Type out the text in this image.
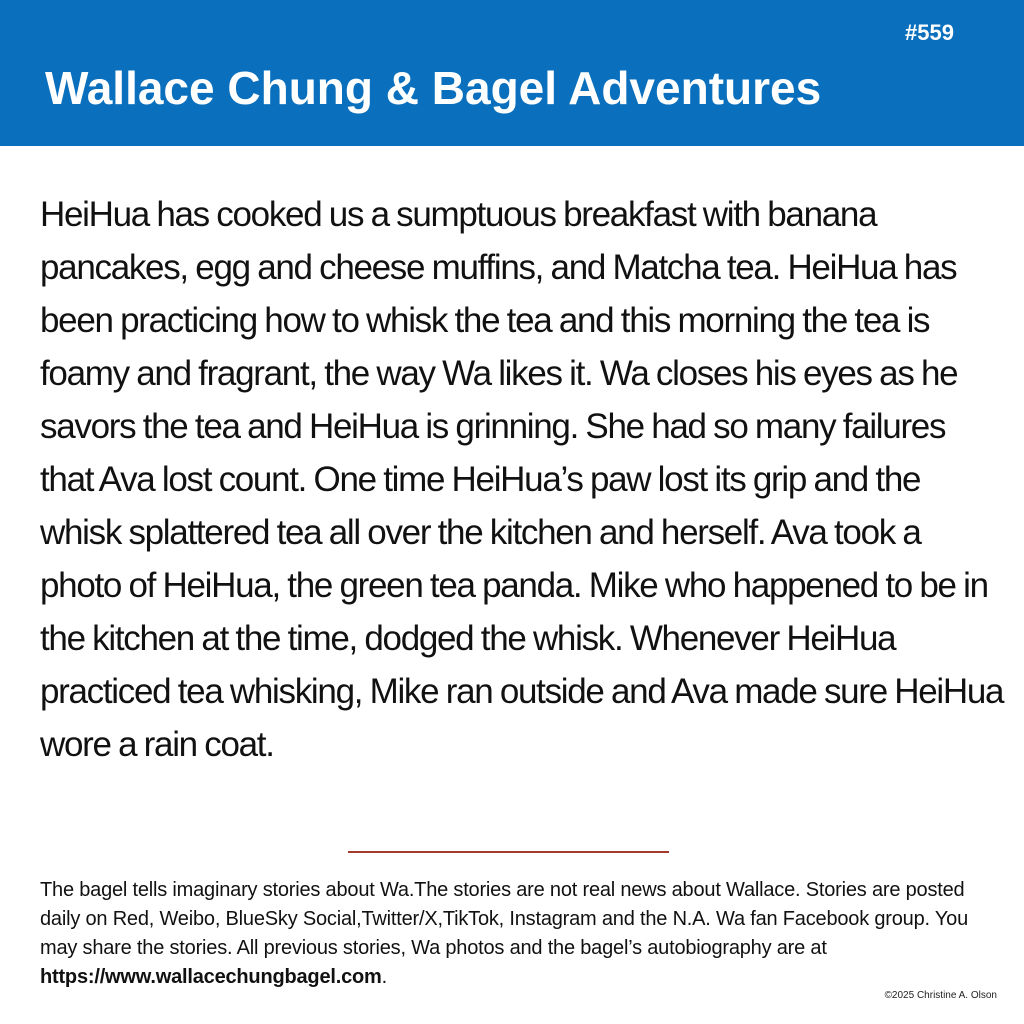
#559
Wallace Chung & Bagel Adventures

HeiHua has cooked us a sumptuous breakfast with banana pancakes, egg and cheese muffins, and Matcha tea. HeiHua has been practicing how to whisk the tea and this morning the tea is foamy and fragrant, the way Wa likes it. Wa closes his eyes as he savors the tea and HeiHua is grinning. She had so many failures that Ava lost count. One time HeiHua’s paw lost its grip and the whisk splattered tea all over the kitchen and herself. Ava took a photo of HeiHua, the green tea panda. Mike who happened to be in the kitchen at the time, dodged the whisk. Whenever HeiHua practiced tea whisking, Mike ran outside and Ava made sure HeiHua wore a rain coat.

The bagel tells imaginary stories about Wa.The stories are not real news about Wallace. Stories are posted daily on Red, Weibo, BlueSky Social,Twitter/X,TikTok, Instagram and the N.A. Wa fan Facebook group. You may share the stories. All previous stories, Wa photos and the bagel’s autobiography are at https://www.wallacechungbagel.com.

©2025 Christine A. Olson
